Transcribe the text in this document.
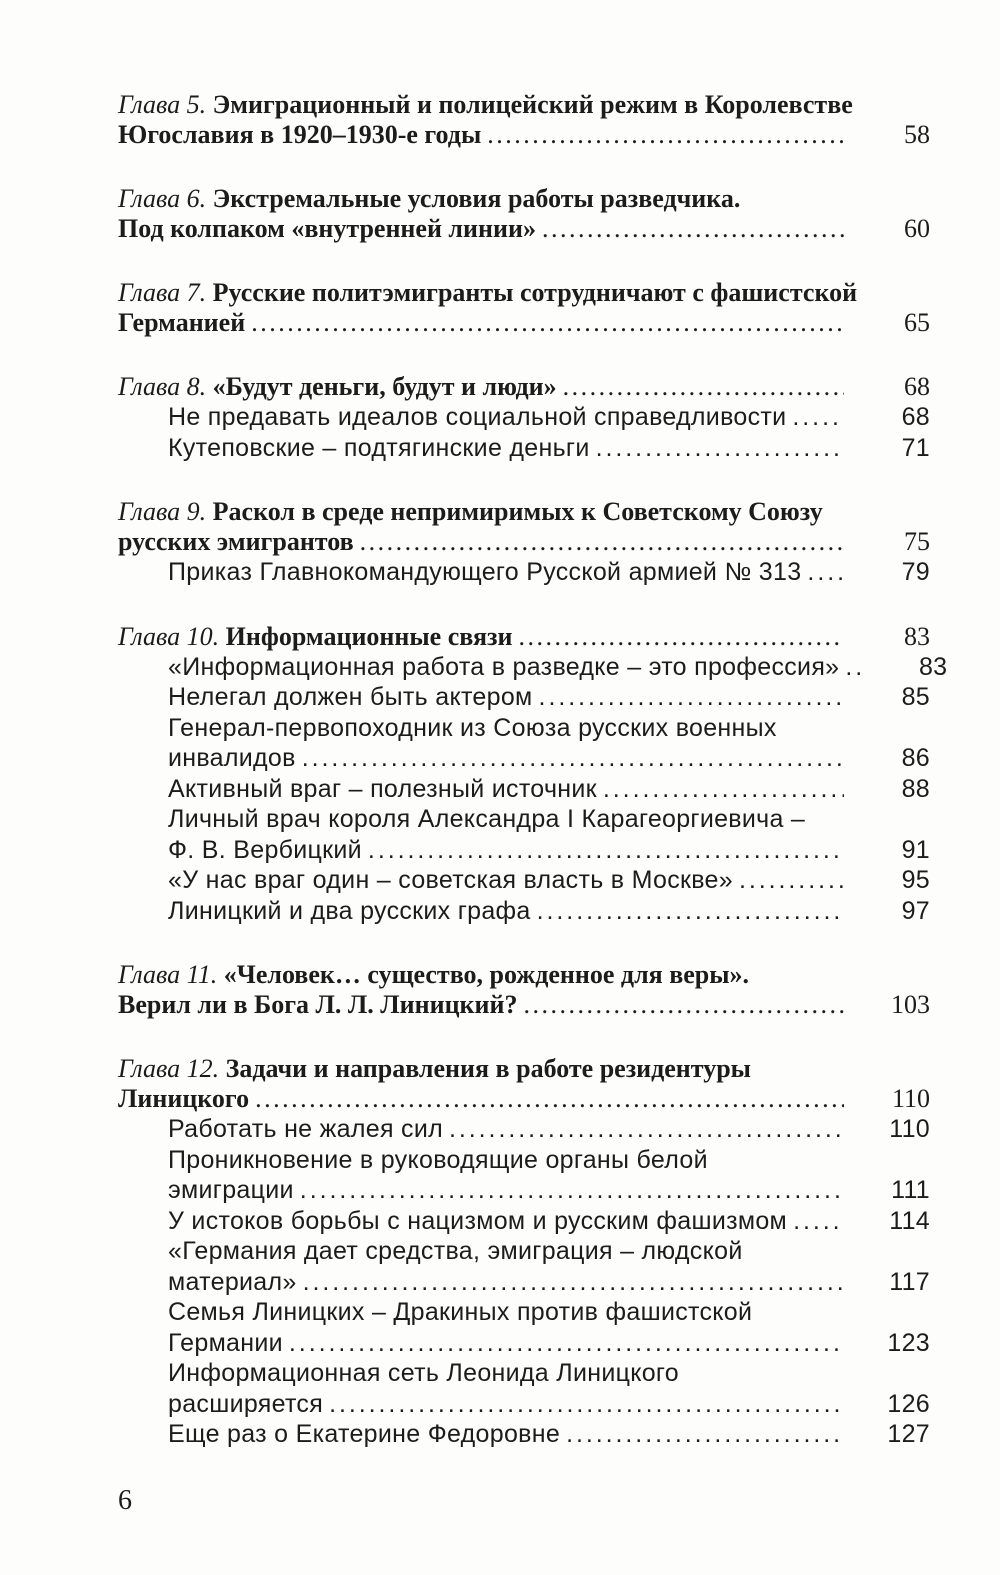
Глава 5. Эмиграционный и полицейский режим в Королевстве
Югославия в 1920–1930-е годы . . .	58
Глава 6. Экстремальные условия работы разведчика.
Под колпаком «внутренней линии» . . .	60
Глава 7. Русские политэмигранты сотрудничают с фашистской
Германией . . .	65
Глава 8. «Будут деньги, будут и люди» . . .	68
Не предавать идеалов социальной справедливости . . .	68
Кутеповские – подтягинские деньги . . .	71
Глава 9. Раскол в среде непримиримых к Советскому Союзу
русских эмигрантов . . .	75
Приказ Главнокомандующего Русской армией № 313 . . .	79
Глава 10. Информационные связи . . .	83
«Информационная работа в разведке – это профессия» . . .	83
Нелегал должен быть актером . . .	85
Генерал-первопоходник из Союза русских военных
инвалидов . . .	86
Активный враг – полезный источник . . .	88
Личный врач короля Александра I Карагеоргиевича –
Ф. В. Вербицкий . . .	91
«У нас враг один – советская власть в Москве» . . .	95
Линицкий и два русских графа . . .	97
Глава 11. «Человек… существо, рожденное для веры».
Верил ли в Бога Л. Л. Линицкий? . . .	103
Глава 12. Задачи и направления в работе резидентуры
Линицкого . . .	110
Работать не жалея сил . . .	110
Проникновение в руководящие органы белой
эмиграции . . .	111
У истоков борьбы с нацизмом и русским фашизмом . . .	114
«Германия дает средства, эмиграция – людской
материал» . . .	117
Семья Линицких – Дракиных против фашистской
Германии . . .	123
Информационная сеть Леонида Линицкого
расширяется . . .	126
Еще раз о Екатерине Федоровне . . .	127
6
